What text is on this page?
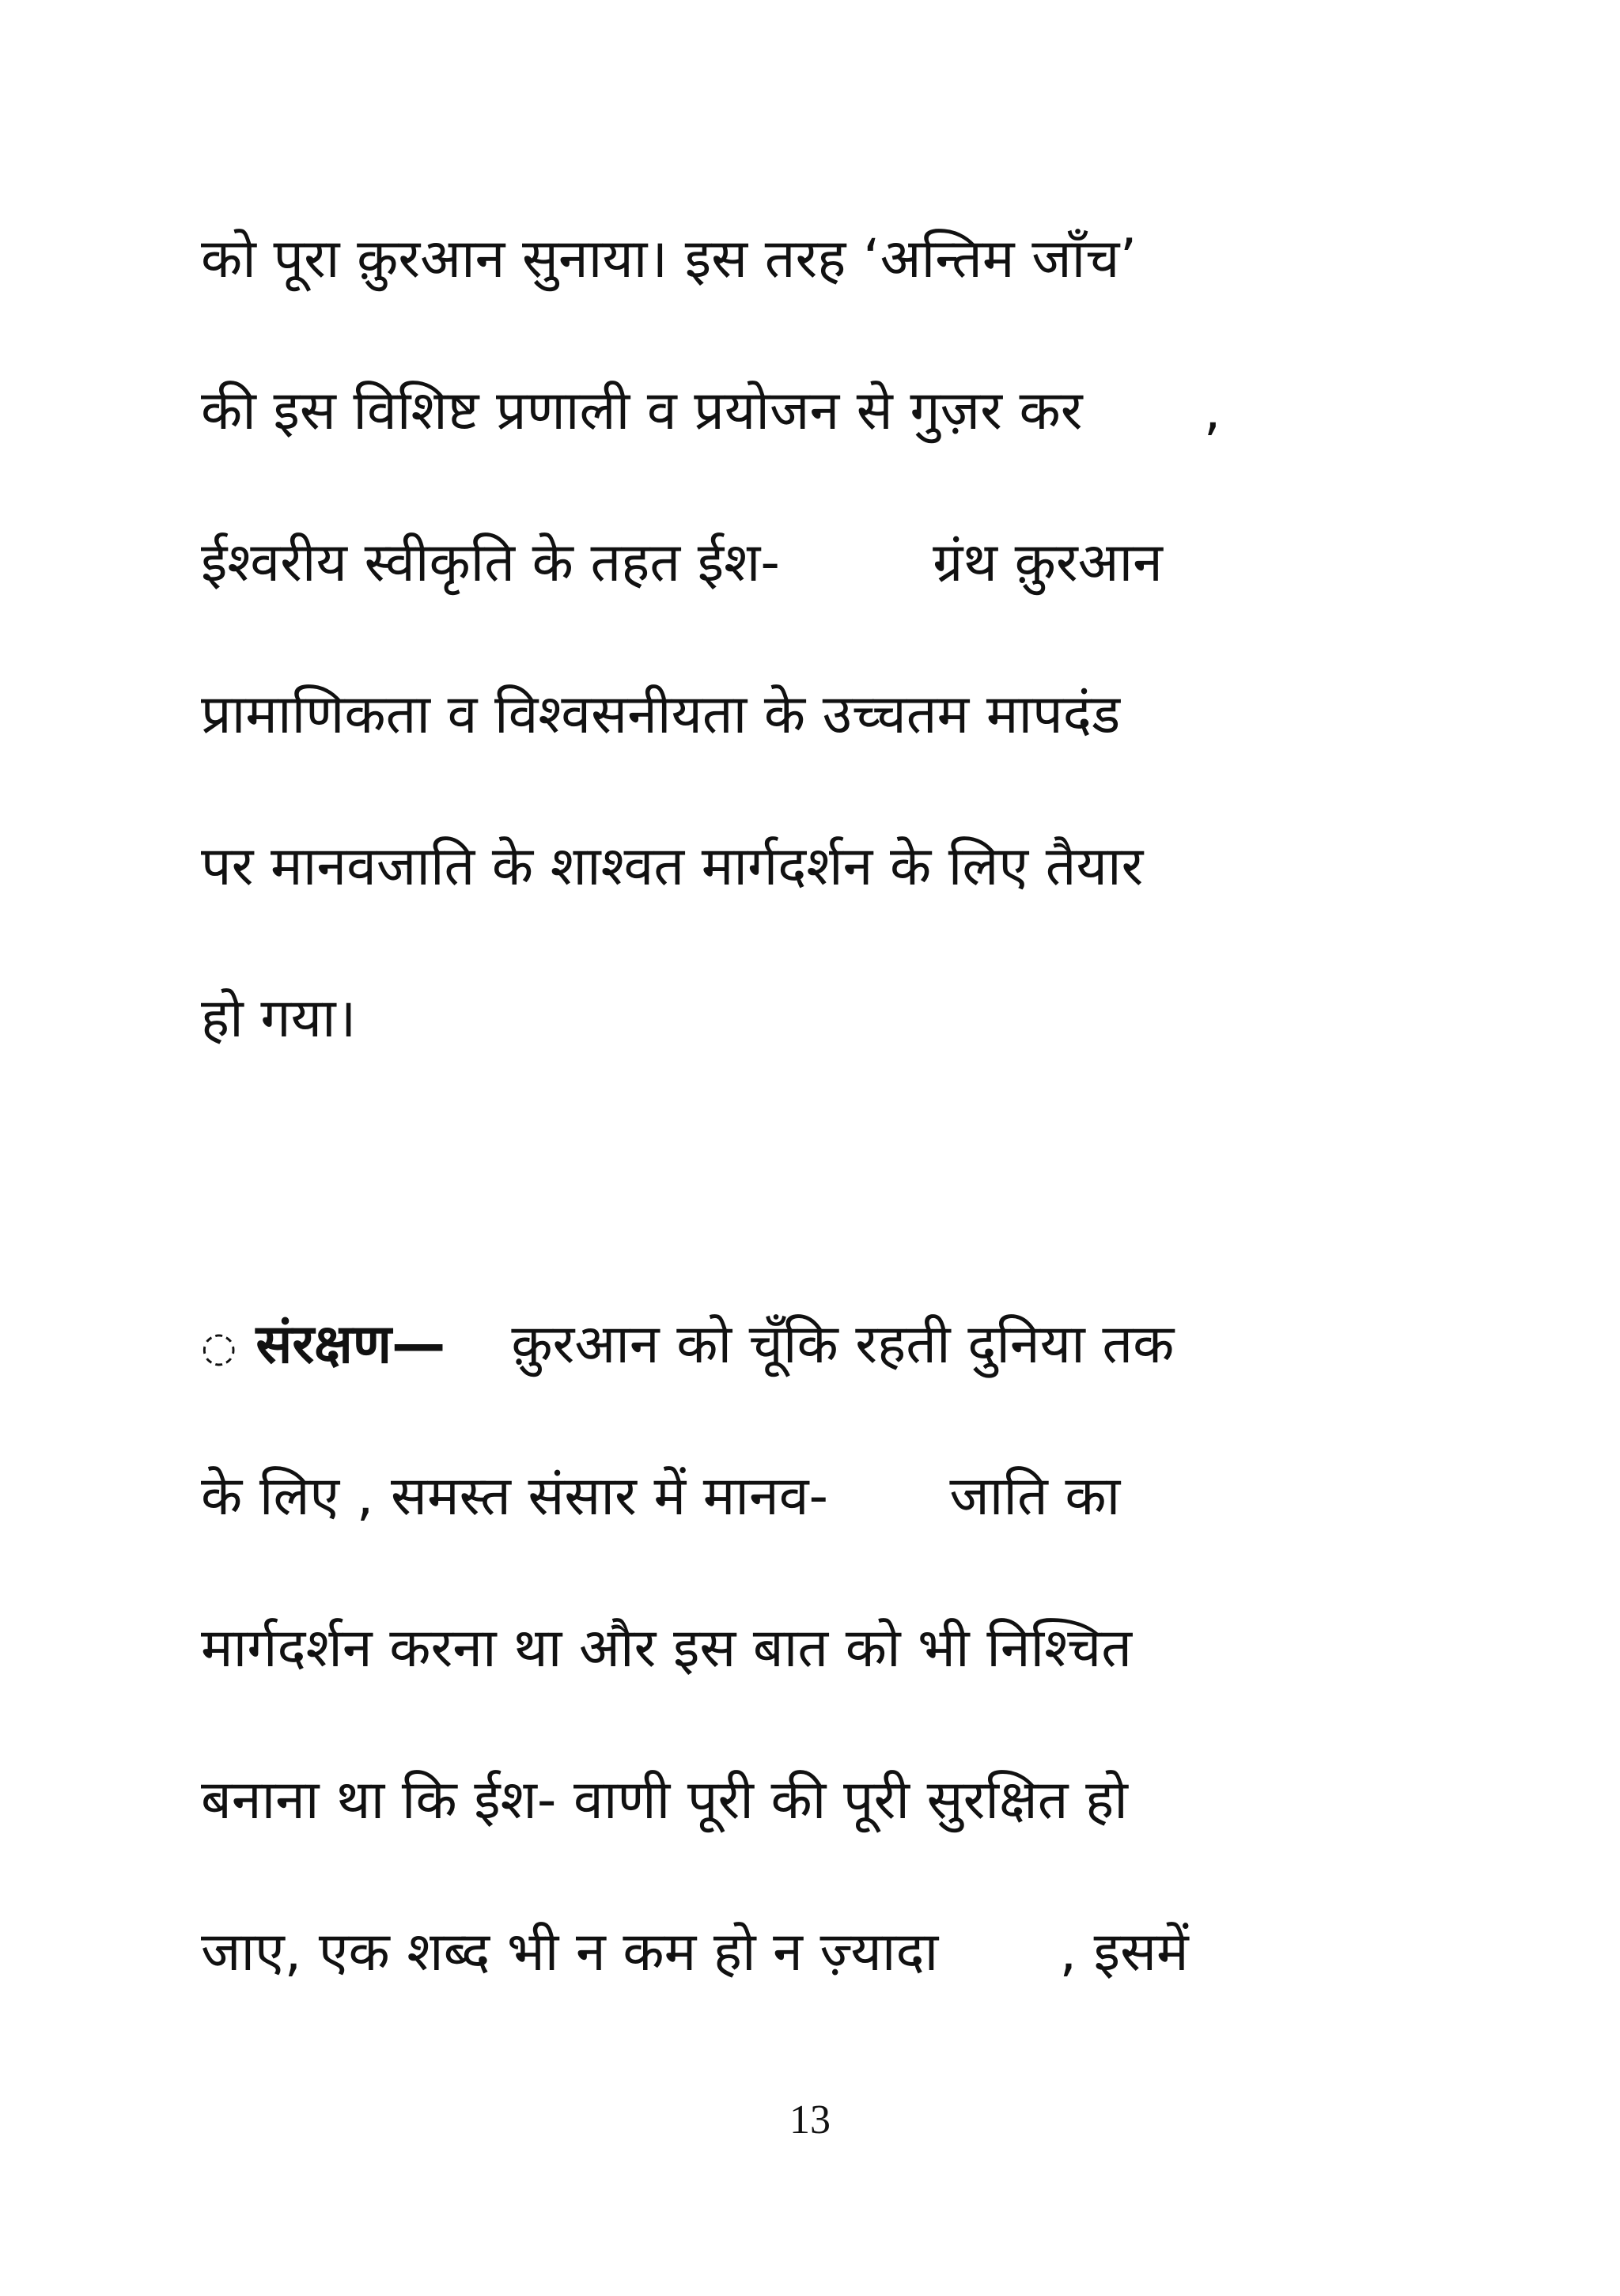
को पूरा क़ुरआन सुनाया। इस तरह ‘अन्तिम जाँच’
की इस विशिष्ट प्रणाली व प्रयोजन से गुज़र कर ,
ईश्वरीय स्वीकृति के तहत ईश-	ग्रंथ क़ुरआन
प्रामाणिकता व विश्वसनीयता के उच्चतम मापदंड
पर मानवजाति के शाश्वत मार्गदर्शन के लिए तैयार
हो गया।
◌ संरक्षण— क़ुरआन को चूँकि रहती दुनिया तक
के लिए , समस्त संसार में मानव- जाति का
मार्गदर्शन करना था और इस बात को भी निश्चित
बनाना था कि ईश- वाणी पूरी की पूरी सुरक्षित हो
जाए, एक शब्द भी न कम हो न ज़्यादा , इसमें
13
